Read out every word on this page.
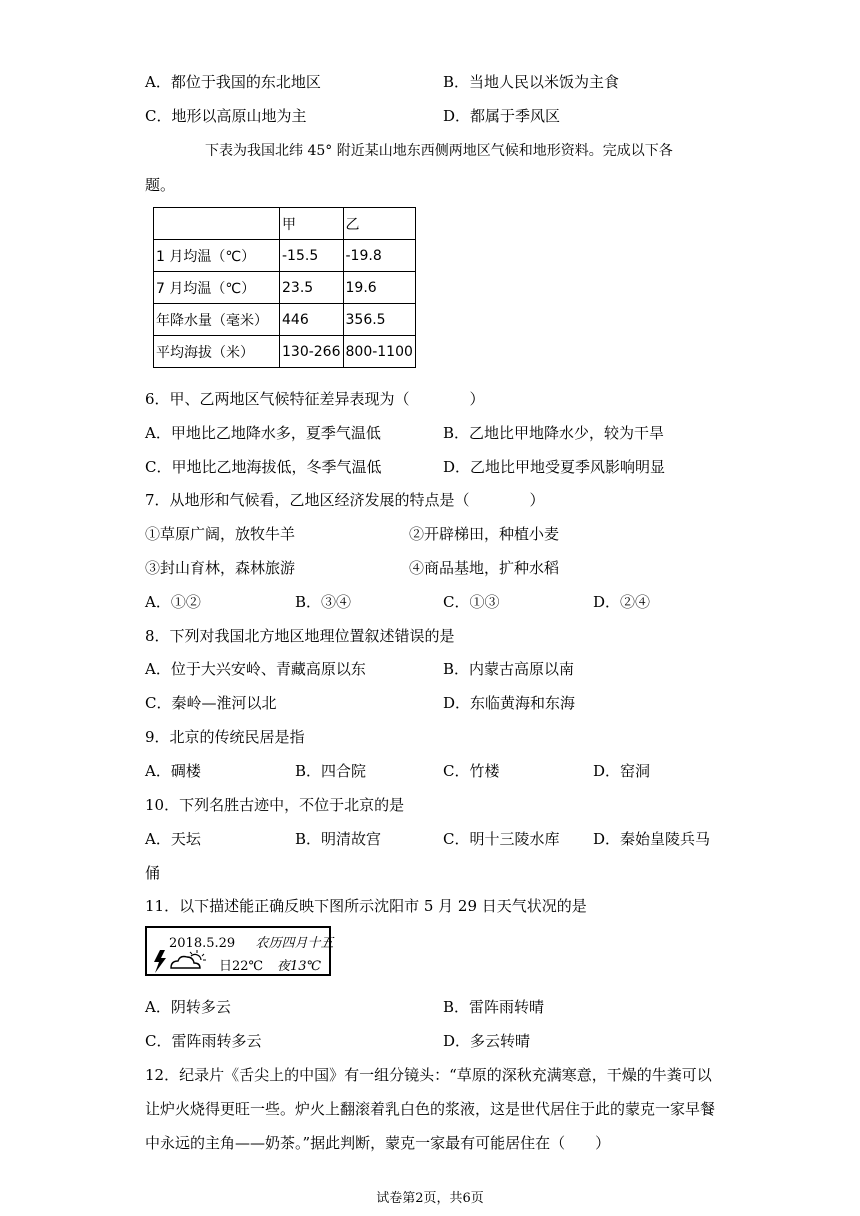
A．都位于我国的东北地区	B．当地人民以米饭为主食
C．地形以高原山地为主	D．都属于季风区
下表为我国北纬 45° 附近某山地东西侧两地区气候和地形资料。完成以下各
题。
	甲	乙
1 月均温（℃）	-15.5	-19.8
7 月均温（℃）	23.5	19.6
年降水量（毫米）	446	356.5
平均海拔（米）	130-266	800-1100
6．甲、乙两地区气候特征差异表现为（　　　　）
A．甲地比乙地降水多，夏季气温低	B．乙地比甲地降水少，较为干旱
C．甲地比乙地海拔低，冬季气温低	D．乙地比甲地受夏季风影响明显
7．从地形和气候看，乙地区经济发展的特点是（　　　　）
①草原广阔，放牧牛羊	②开辟梯田，种植小麦
③封山育林，森林旅游	④商品基地，扩种水稻
A．①②	B．③④	C．①③	D．②④
8．下列对我国北方地区地理位置叙述错误的是
A．位于大兴安岭、青藏高原以东	B．内蒙古高原以南
C．秦岭—淮河以北	D．东临黄海和东海
9．北京的传统民居是指
A．碉楼	B．四合院	C．竹楼	D．窑洞
10．下列名胜古迹中，不位于北京的是
A．天坛	B．明清故宫	C．明十三陵水库 D．秦始皇陵兵马
俑
11．以下描述能正确反映下图所示沈阳市 5 月 29 日天气状况的是
2018.5.29 农历四月十五
日22℃ 夜13℃
A．阴转多云	B．雷阵雨转晴
C．雷阵雨转多云	D．多云转晴
12．纪录片《舌尖上的中国》有一组分镜头：“草原的深秋充满寒意，干燥的牛粪可以
让炉火烧得更旺一些。炉火上翻滚着乳白色的浆液，这是世代居住于此的蒙克一家早餐
中永远的主角——奶茶。”据此判断，蒙克一家最有可能居住在（　　）
试卷第2页，共6页
